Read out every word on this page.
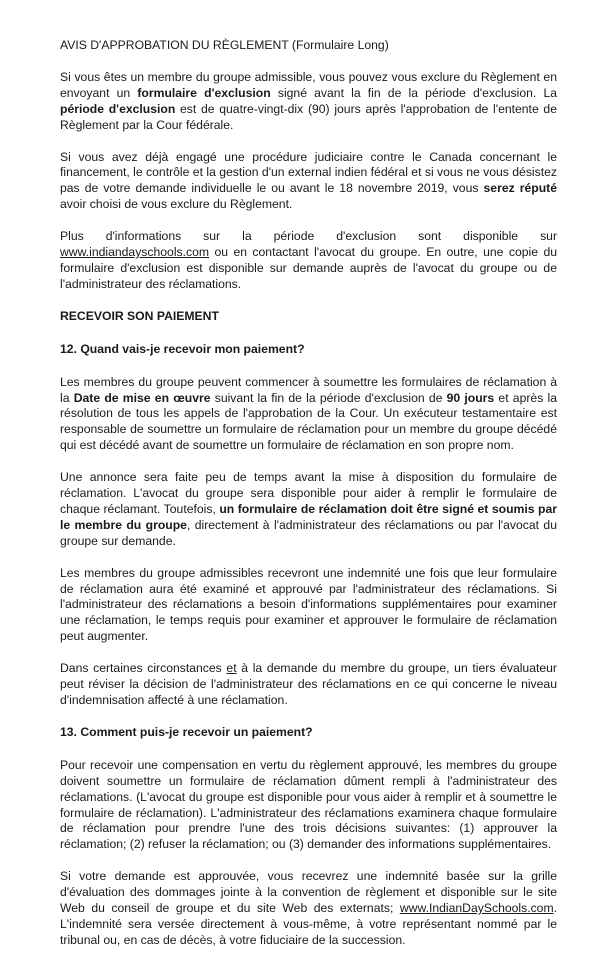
AVIS D'APPROBATION DU RÈGLEMENT (Formulaire Long)

Si vous êtes un membre du groupe admissible, vous pouvez vous exclure du Règlement en envoyant un formulaire d'exclusion signé avant la fin de la période d'exclusion. La période d'exclusion est de quatre-vingt-dix (90) jours après l'approbation de l'entente de Règlement par la Cour fédérale.

Si vous avez déjà engagé une procédure judiciaire contre le Canada concernant le financement, le contrôle et la gestion d'un external indien fédéral et si vous ne vous désistez pas de votre demande individuelle le ou avant le 18 novembre 2019, vous serez réputé avoir choisi de vous exclure du Règlement.

Plus d'informations sur la période d'exclusion sont disponible sur www.indiandayschools.com ou en contactant l'avocat du groupe. En outre, une copie du formulaire d'exclusion est disponible sur demande auprès de l'avocat du groupe ou de l'administrateur des réclamations.

RECEVOIR SON PAIEMENT

12. Quand vais-je recevoir mon paiement?

Les membres du groupe peuvent commencer à soumettre les formulaires de réclamation à la Date de mise en œuvre suivant la fin de la période d'exclusion de 90 jours et après la résolution de tous les appels de l'approbation de la Cour. Un exécuteur testamentaire est responsable de soumettre un formulaire de réclamation pour un membre du groupe décédé qui est décédé avant de soumettre un formulaire de réclamation en son propre nom.

Une annonce sera faite peu de temps avant la mise à disposition du formulaire de réclamation. L'avocat du groupe sera disponible pour aider à remplir le formulaire de chaque réclamant. Toutefois, un formulaire de réclamation doit être signé et soumis par le membre du groupe, directement à l'administrateur des réclamations ou par l'avocat du groupe sur demande.

Les membres du groupe admissibles recevront une indemnité une fois que leur formulaire de réclamation aura été examiné et approuvé par l'administrateur des réclamations. Si l'administrateur des réclamations a besoin d'informations supplémentaires pour examiner une réclamation, le temps requis pour examiner et approuver le formulaire de réclamation peut augmenter.

Dans certaines circonstances et à la demande du membre du groupe, un tiers évaluateur peut réviser la décision de l'administrateur des réclamations en ce qui concerne le niveau d'indemnisation affecté à une réclamation.

13. Comment puis-je recevoir un paiement?

Pour recevoir une compensation en vertu du règlement approuvé, les membres du groupe doivent soumettre un formulaire de réclamation dûment rempli à l'administrateur des réclamations. (L'avocat du groupe est disponible pour vous aider à remplir et à soumettre le formulaire de réclamation). L'administrateur des réclamations examinera chaque formulaire de réclamation pour prendre l'une des trois décisions suivantes: (1) approuver la réclamation; (2) refuser la réclamation; ou (3) demander des informations supplémentaires.

Si votre demande est approuvée, vous recevrez une indemnité basée sur la grille d'évaluation des dommages jointe à la convention de règlement et disponible sur le site Web du conseil de groupe et du site Web des externats; www.IndianDaySchools.com. L'indemnité sera versée directement à vous-même, à votre représentant nommé par le tribunal ou, en cas de décès, à votre fiduciaire de la succession.
